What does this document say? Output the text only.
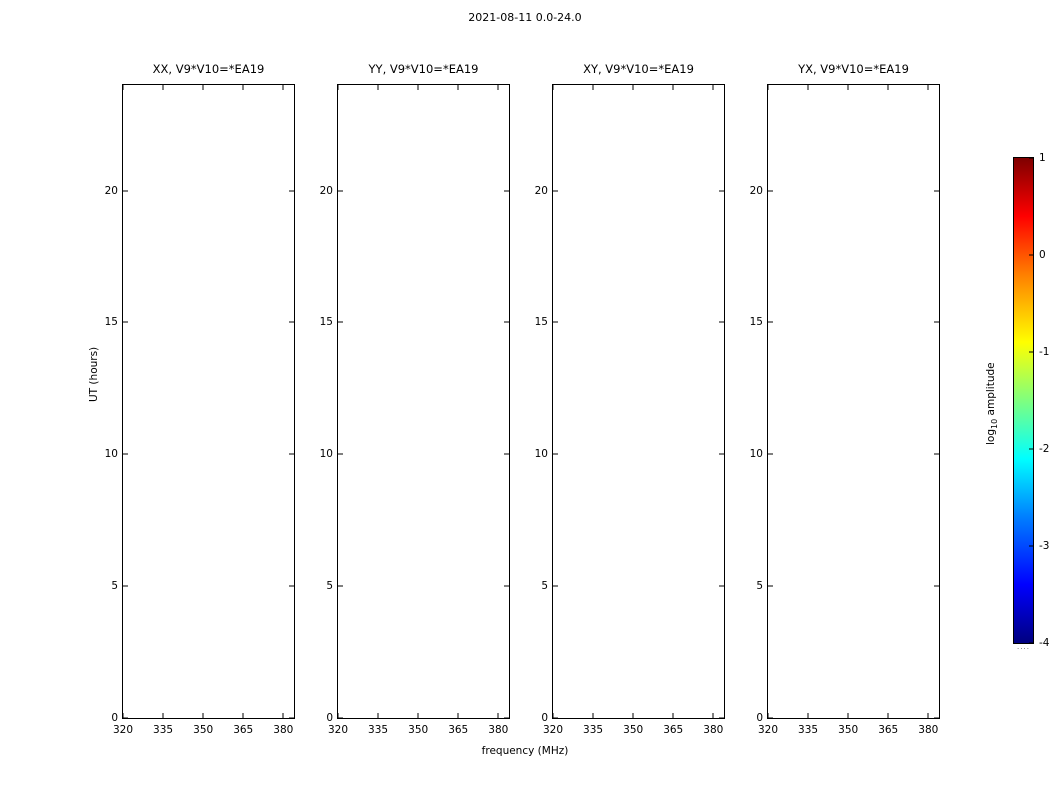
2021-08-11 0.0-24.0
XX, V9*V10=*EA19
0
5
10
15
20
320 335 350 365 380
YY, V9*V10=*EA19
0
5
10
15
20
320 335 350 365 380
XY, V9*V10=*EA19
0
5
10
15
20
320 335 350 365 380
YX, V9*V10=*EA19
0
5
10
15
20
320 335 350 365 380
UT (hours)
frequency (MHz)
-4
-3
-2
-1
0
1
····
$\log_{10}$ amplitude
